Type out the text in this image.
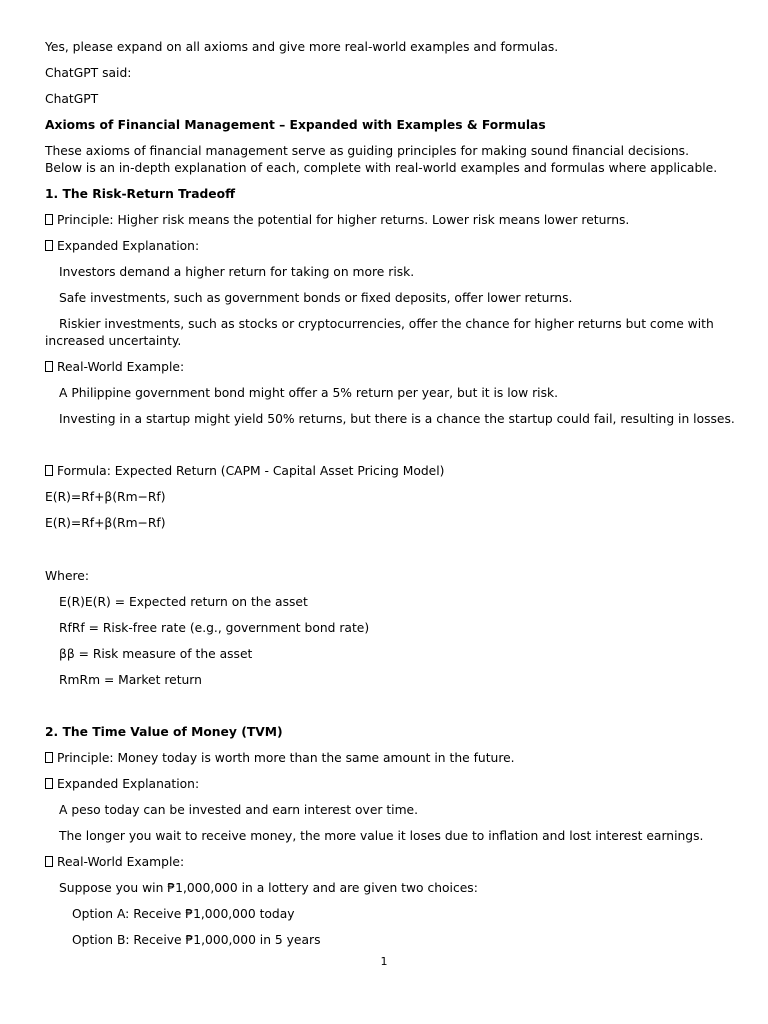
Yes, please expand on all axioms and give more real-world examples and formulas.
ChatGPT said:
ChatGPT
Axioms of Financial Management – Expanded with Examples & Formulas
These axioms of financial management serve as guiding principles for making sound financial decisions. Below is an in-depth explanation of each, complete with real-world examples and formulas where applicable.
1. The Risk-Return Tradeoff
Principle: Higher risk means the potential for higher returns. Lower risk means lower returns.
Expanded Explanation:
Investors demand a higher return for taking on more risk.
Safe investments, such as government bonds or fixed deposits, offer lower returns.
Riskier investments, such as stocks or cryptocurrencies, offer the chance for higher returns but come with increased uncertainty.
Real-World Example:
A Philippine government bond might offer a 5% return per year, but it is low risk.
Investing in a startup might yield 50% returns, but there is a chance the startup could fail, resulting in losses.
Formula: Expected Return (CAPM - Capital Asset Pricing Model)
E(R)=Rf+β(Rm−Rf)
E(R)=Rf+β(Rm−Rf)
Where:
E(R)E(R) = Expected return on the asset
RfRf = Risk-free rate (e.g., government bond rate)
ββ = Risk measure of the asset
RmRm = Market return
2. The Time Value of Money (TVM)
Principle: Money today is worth more than the same amount in the future.
Expanded Explanation:
A peso today can be invested and earn interest over time.
The longer you wait to receive money, the more value it loses due to inflation and lost interest earnings.
Real-World Example:
Suppose you win ₱1,000,000 in a lottery and are given two choices:
Option A: Receive ₱1,000,000 today
Option B: Receive ₱1,000,000 in 5 years
1
